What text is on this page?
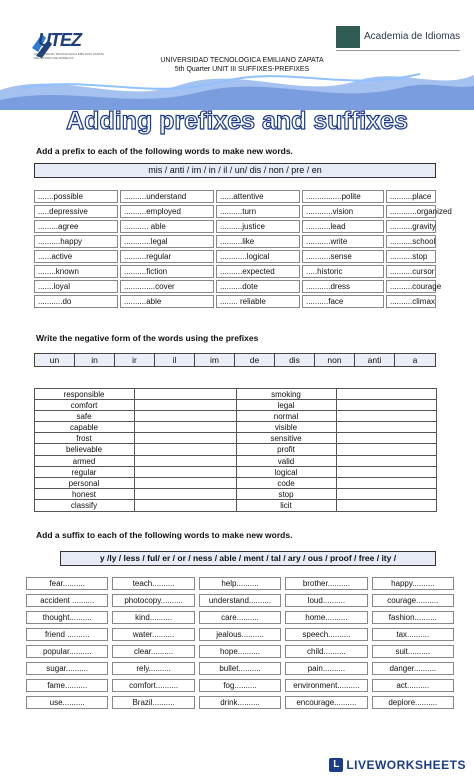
UTEZ
UNIVERSIDAD TECNOLOGICA EMILIANO ZAPATA DEL ESTADO DE MORELOS
Academia de Idiomas
UNIVERSIDAD TECNOLOGICA EMILIANO ZAPATA
5th Quarter UNIT III SUFFIXES-PREFIXES
Adding prefixes and suffixes
Add a prefix to each of the following words to make new words.
mis / anti / im / in / il / un/ dis / non / pre / en
.......possible	..........understand	......attentive	................polite	..........place
.....depressive	..........employed	..........turn	............vision	............organized
.........agree	........... able	..........justice	...........lead	..........gravity
..........happy	............legal	..........like	...........write	..........school
......active	..........regular	............logical	...........sense	..........stop
........known	..........fiction	..........expected	.....historic	..........cursor
.......loyal	..............cover	..........dote	...........dress	..........courage
...........do	..........able	........ reliable	..........face	..........climax
Write the negative form of the words using the prefixes
un	in	ir	il	im	de	dis	non	anti	a
responsible	smoking
comfort	legal
safe	normal
capable	visible
frost	sensitive
believable	profit
armed	valid
regular	logical
personal	code
honest	stop
classify	licit
Add a suffix to each of the following words to make new words.
y /ly / less / ful/ er / or / ness / able / ment / tal / ary / ous / proof / free / ity /
fear..........	teach..........	help..........	brother..........	happy..........
accident ..........	photocopy..........	understand..........	loud..........	courage..........
thought..........	kind..........	care..........	home..........	fashion..........
friend ..........	water..........	jealous..........	speech..........	tax..........
popular..........	clear..........	hope..........	child..........	suit..........
sugar..........	rely..........	bullet..........	pain..........	danger..........
fame..........	comfort..........	fog..........	environment..........	act..........
use..........	Brazil..........	drink..........	encourage..........	deplore..........
L LIVEWORKSHEETS
